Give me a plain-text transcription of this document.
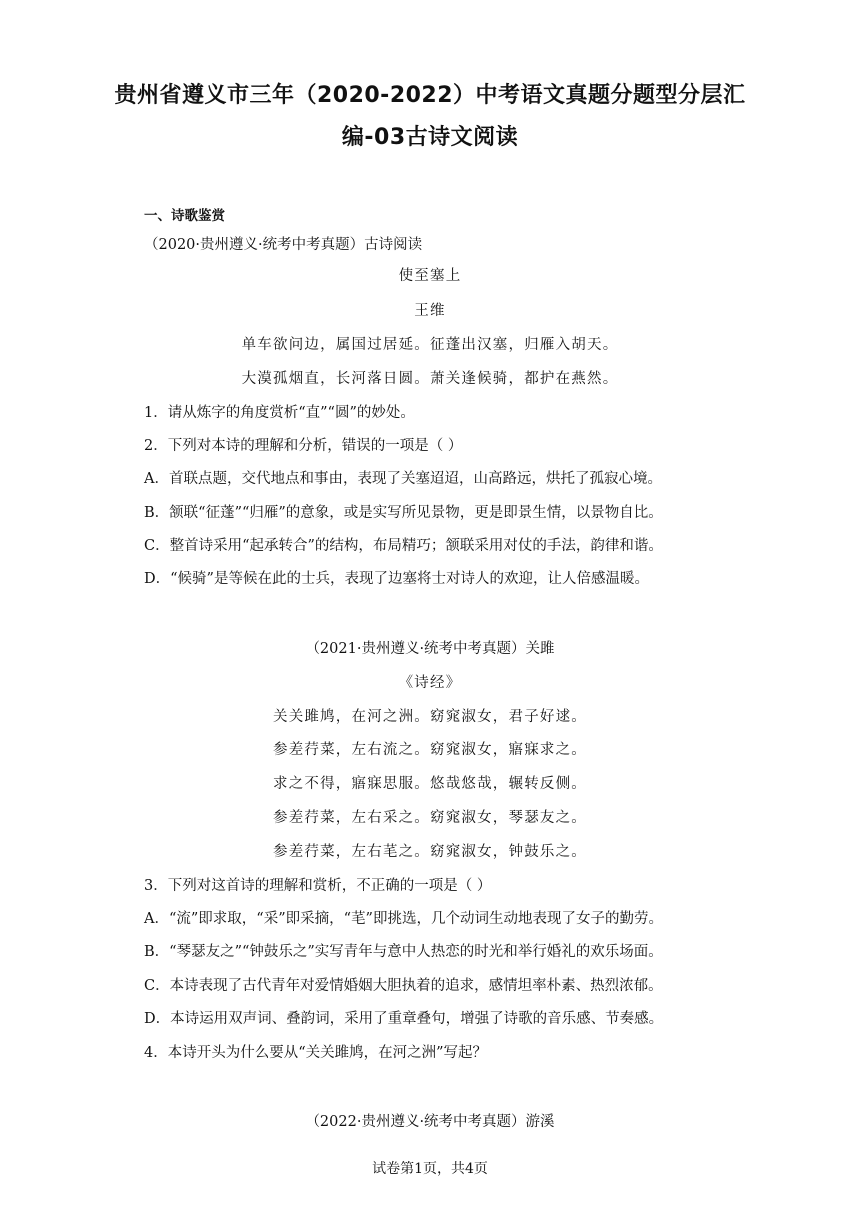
贵州省遵义市三年（2020-2022）中考语文真题分题型分层汇
编-03古诗文阅读
一、诗歌鉴赏
（2020·贵州遵义·统考中考真题）古诗阅读
使至塞上
王维
单车欲问边，属国过居延。征蓬出汉塞，归雁入胡天。
大漠孤烟直，长河落日圆。萧关逢候骑，都护在燕然。
1．请从炼字的角度赏析“直”“圆”的妙处。
2．下列对本诗的理解和分析，错误的一项是（ ）
A．首联点题，交代地点和事由，表现了关塞迢迢，山高路远，烘托了孤寂心境。
B．颔联“征蓬”“归雁”的意象，或是实写所见景物，更是即景生情，以景物自比。
C．整首诗采用“起承转合”的结构，布局精巧；颔联采用对仗的手法，韵律和谐。
D．“候骑”是等候在此的士兵，表现了边塞将士对诗人的欢迎，让人倍感温暖。
（2021·贵州遵义·统考中考真题）关雎
《诗经》
关关雎鸠，在河之洲。窈窕淑女，君子好逑。
参差荇菜，左右流之。窈窕淑女，寤寐求之。
求之不得，寤寐思服。悠哉悠哉，辗转反侧。
参差荇菜，左右采之。窈窕淑女，琴瑟友之。
参差荇菜，左右芼之。窈窕淑女，钟鼓乐之。
3．下列对这首诗的理解和赏析，不正确的一项是（ ）
A．“流”即求取，“采”即采摘，“芼”即挑选，几个动词生动地表现了女子的勤劳。
B．“琴瑟友之”“钟鼓乐之”实写青年与意中人热恋的时光和举行婚礼的欢乐场面。
C．本诗表现了古代青年对爱情婚姻大胆执着的追求，感情坦率朴素、热烈浓郁。
D．本诗运用双声词、叠韵词，采用了重章叠句，增强了诗歌的音乐感、节奏感。
4．本诗开头为什么要从“关关雎鸠，在河之洲”写起？
（2022·贵州遵义·统考中考真题）游溪
试卷第1页，共4页
